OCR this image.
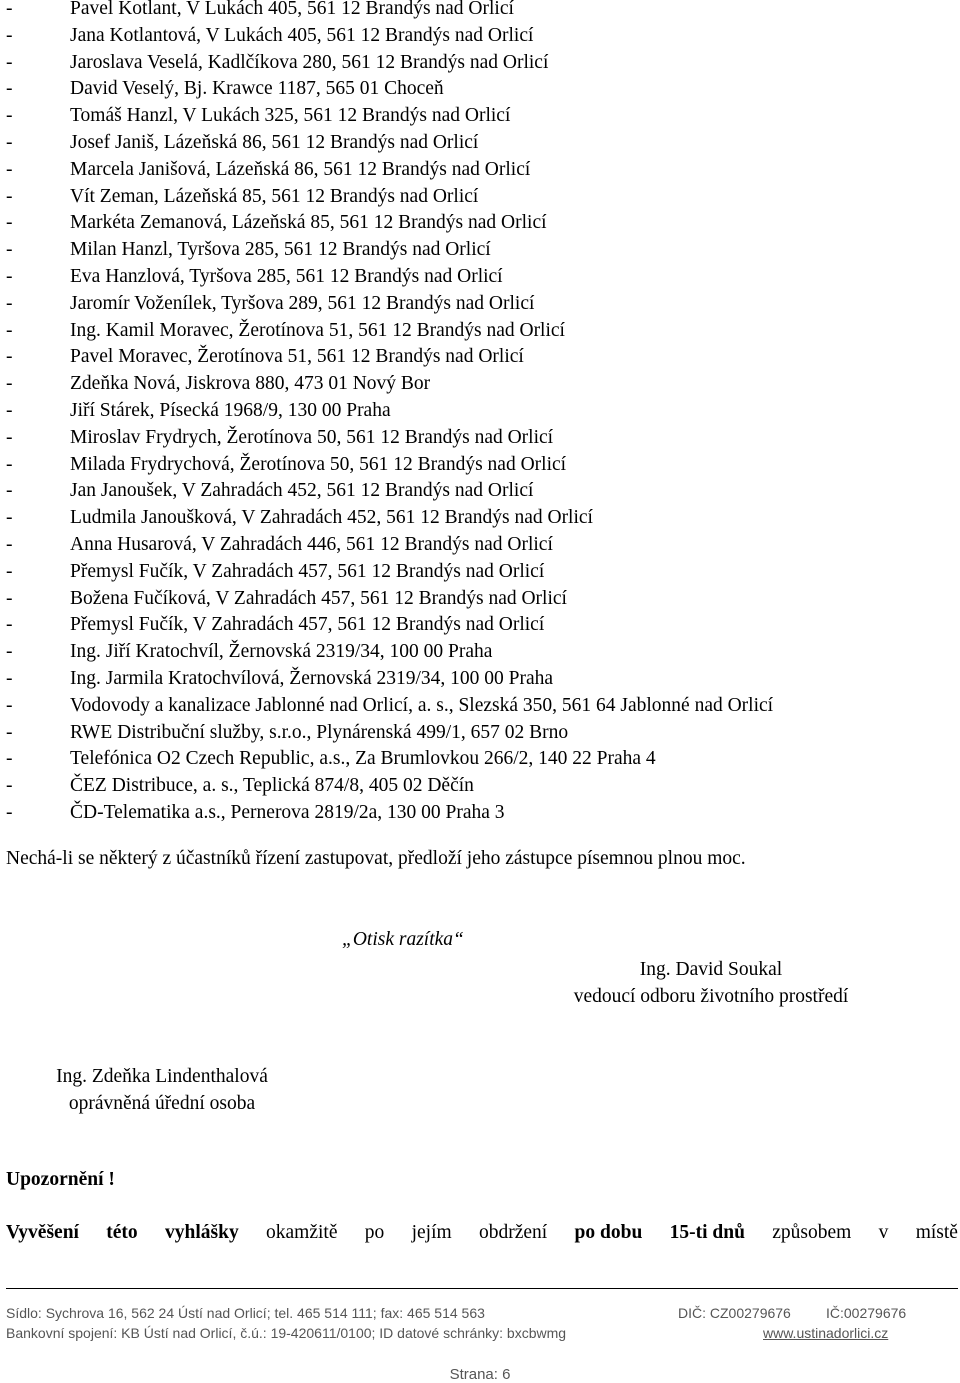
-	Pavel Kotlant, V Lukách 405, 561 12 Brandýs nad Orlicí
-	Jana Kotlantová, V Lukách 405, 561 12 Brandýs nad Orlicí
-	Jaroslava Veselá, Kadlčíkova 280, 561 12 Brandýs nad Orlicí
-	David Veselý, Bj. Krawce 1187, 565 01 Choceň
-	Tomáš Hanzl, V Lukách 325, 561 12 Brandýs nad Orlicí
-	Josef Janiš, Lázeňská 86, 561 12 Brandýs nad Orlicí
-	Marcela Janišová, Lázeňská 86, 561 12 Brandýs nad Orlicí
-	Vít Zeman, Lázeňská 85, 561 12 Brandýs nad Orlicí
-	Markéta Zemanová, Lázeňská 85, 561 12 Brandýs nad Orlicí
-	Milan Hanzl, Tyršova 285, 561 12 Brandýs nad Orlicí
-	Eva Hanzlová, Tyršova 285, 561 12 Brandýs nad Orlicí
-	Jaromír Voženílek, Tyršova 289, 561 12 Brandýs nad Orlicí
-	Ing. Kamil Moravec, Žerotínova 51, 561 12 Brandýs nad Orlicí
-	Pavel Moravec, Žerotínova 51, 561 12 Brandýs nad Orlicí
-	Zdeňka Nová, Jiskrova 880, 473 01 Nový Bor
-	Jiří Stárek, Písecká 1968/9, 130 00 Praha
-	Miroslav Frydrych, Žerotínova 50, 561 12 Brandýs nad Orlicí
-	Milada Frydrychová, Žerotínova 50, 561 12 Brandýs nad Orlicí
-	Jan Janoušek, V Zahradách 452, 561 12 Brandýs nad Orlicí
-	Ludmila Janoušková, V Zahradách 452, 561 12 Brandýs nad Orlicí
-	Anna Husarová, V Zahradách 446, 561 12 Brandýs nad Orlicí
-	Přemysl Fučík, V Zahradách 457, 561 12 Brandýs nad Orlicí
-	Božena Fučíková, V Zahradách 457, 561 12 Brandýs nad Orlicí
-	Přemysl Fučík, V Zahradách 457, 561 12 Brandýs nad Orlicí
-	Ing. Jiří Kratochvíl, Žernovská 2319/34, 100 00 Praha
-	Ing. Jarmila Kratochvílová, Žernovská 2319/34, 100 00 Praha
-	Vodovody a kanalizace Jablonné nad Orlicí, a. s., Slezská 350, 561 64 Jablonné nad Orlicí
-	RWE Distribuční služby, s.r.o., Plynárenská 499/1, 657 02 Brno
-	Telefónica O2 Czech Republic, a.s., Za Brumlovkou 266/2, 140 22 Praha 4
-	ČEZ Distribuce, a. s., Teplická 874/8, 405 02 Děčín
-	ČD-Telematika a.s., Pernerova 2819/2a, 130 00 Praha 3
Nechá-li se některý z účastníků řízení zastupovat, předloží jeho zástupce písemnou plnou moc.
„Otisk razítka“
Ing. David Soukal
vedoucí odboru životního prostředí
Ing. Zdeňka Lindenthalová
oprávněná úřední osoba
Upozornění !
Vyvěšení této vyhlášky okamžitě po jejím obdržení po dobu 15-ti dnů způsobem v místě
Sídlo: Sychrova 16, 562 24 Ústí nad Orlicí; tel. 465 514 111; fax: 465 514 563	DIČ: CZ00279676	IČ:00279676
Bankovní spojení: KB Ústí nad Orlicí, č.ú.: 19-420611/0100; ID datové schránky: bxcbwmg	www.ustinadorlici.cz
Strana: 6
